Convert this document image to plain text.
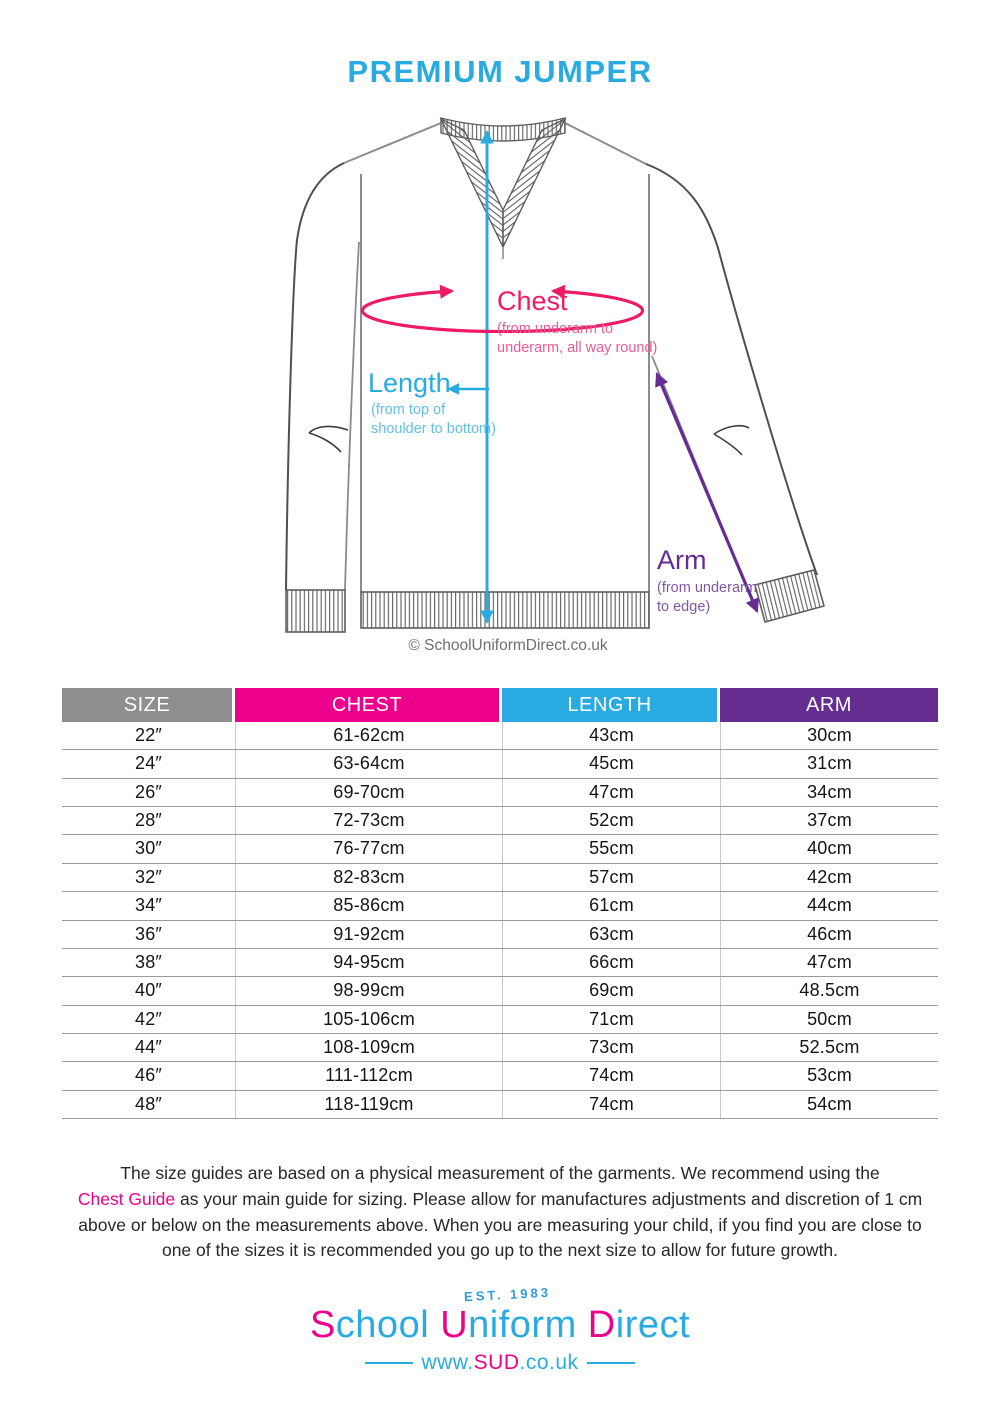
PREMIUM JUMPER
Chest
(from underarm to
underarm, all way round)
Length
(from top of
shoulder to bottom)
Arm
(from underarm
to edge)
© SchoolUniformDirect.co.uk
SIZE	CHEST	LENGTH	ARM
22″	61-62cm	43cm	30cm
24″	63-64cm	45cm	31cm
26″	69-70cm	47cm	34cm
28″	72-73cm	52cm	37cm
30″	76-77cm	55cm	40cm
32″	82-83cm	57cm	42cm
34″	85-86cm	61cm	44cm
36″	91-92cm	63cm	46cm
38″	94-95cm	66cm	47cm
40″	98-99cm	69cm	48.5cm
42″	105-106cm	71cm	50cm
44″	108-109cm	73cm	52.5cm
46″	111-112cm	74cm	53cm
48″	118-119cm	74cm	54cm
The size guides are based on a physical measurement of the garments. We recommend using the
Chest Guide as your main guide for sizing. Please allow for manufactures adjustments and discretion of 1 cm
above or below on the measurements above. When you are measuring your child, if you find you are close to
one of the sizes it is recommended you go up to the next size to allow for future growth.
EST. 1983
School Uniform Direct
www.SUD.co.uk
